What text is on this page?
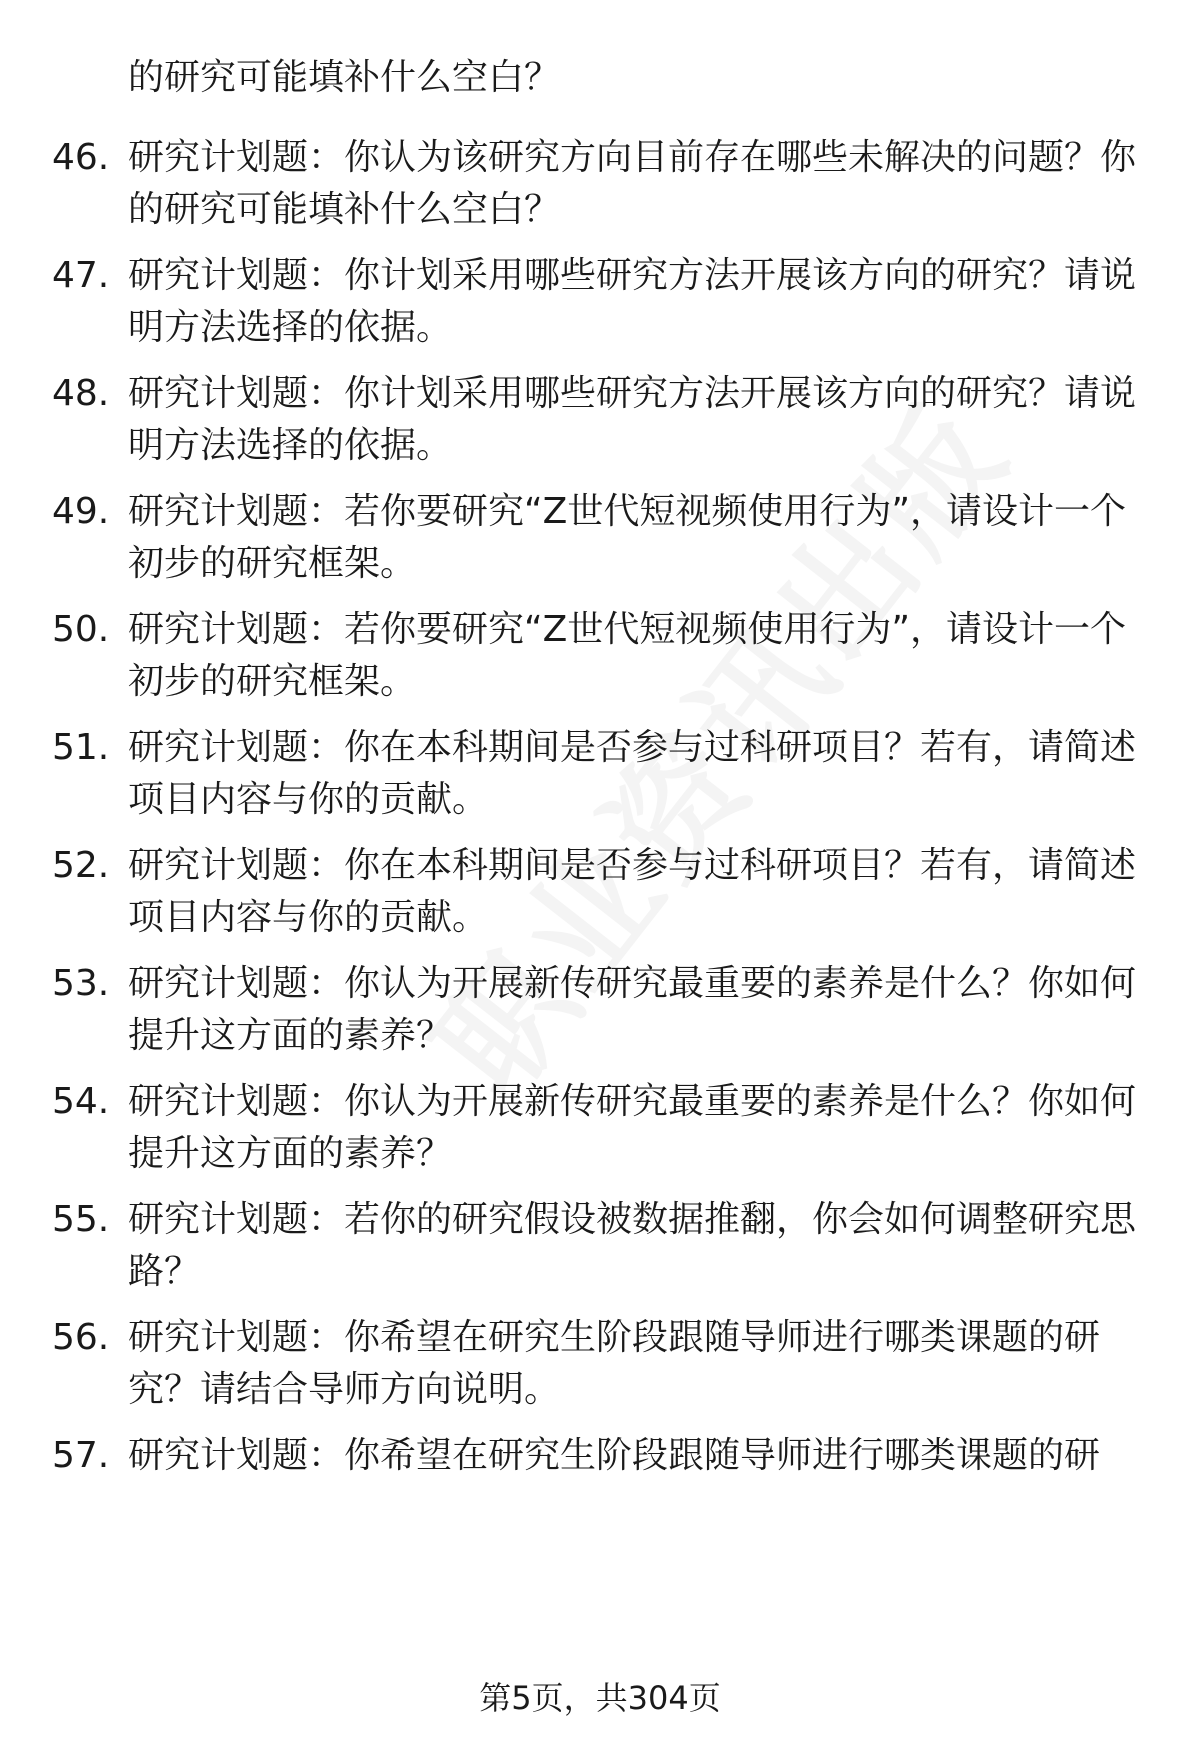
的研究可能填补什么空白？

46. 研究计划题：你认为该研究方向目前存在哪些未解决的问题？你的研究可能填补什么空白？
47. 研究计划题：你计划采用哪些研究方法开展该方向的研究？请说明方法选择的依据。
48. 研究计划题：你计划采用哪些研究方法开展该方向的研究？请说明方法选择的依据。
49. 研究计划题：若你要研究“Z世代短视频使用行为”，请设计一个初步的研究框架。
50. 研究计划题：若你要研究“Z世代短视频使用行为”，请设计一个初步的研究框架。
51. 研究计划题：你在本科期间是否参与过科研项目？若有，请简述项目内容与你的贡献。
52. 研究计划题：你在本科期间是否参与过科研项目？若有，请简述项目内容与你的贡献。
53. 研究计划题：你认为开展新传研究最重要的素养是什么？你如何提升这方面的素养？
54. 研究计划题：你认为开展新传研究最重要的素养是什么？你如何提升这方面的素养？
55. 研究计划题：若你的研究假设被数据推翻，你会如何调整研究思路？
56. 研究计划题：你希望在研究生阶段跟随导师进行哪类课题的研究？请结合导师方向说明。
57. 研究计划题：你希望在研究生阶段跟随导师进行哪类课题的研
第5页，共304页
